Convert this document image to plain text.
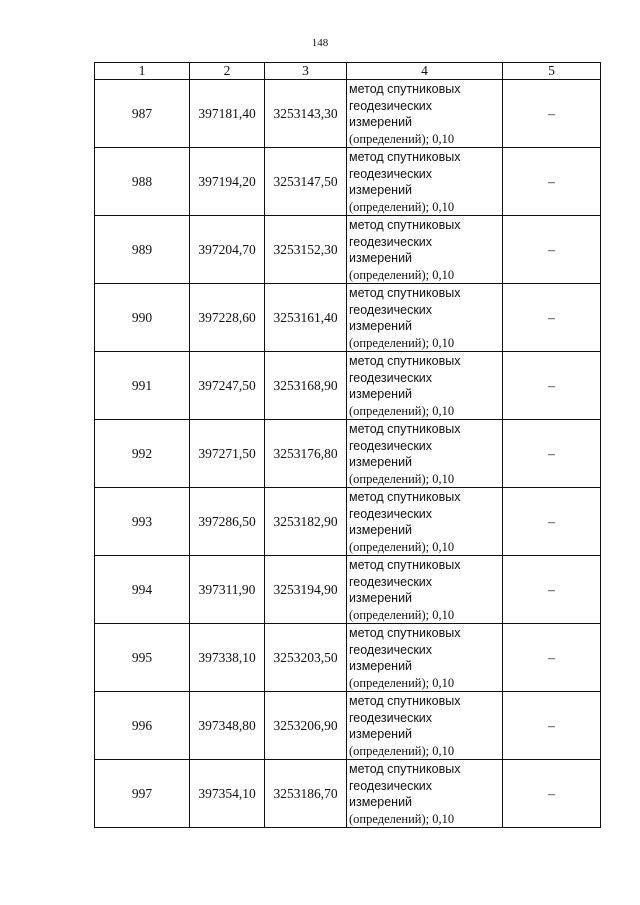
148
1	2	3	4	5
987	397181,40	3253143,30	метод спутниковых
геодезических
измерений
(определений); 0,10	–
988	397194,20	3253147,50	метод спутниковых
геодезических
измерений
(определений); 0,10	–
989	397204,70	3253152,30	метод спутниковых
геодезических
измерений
(определений); 0,10	–
990	397228,60	3253161,40	метод спутниковых
геодезических
измерений
(определений); 0,10	–
991	397247,50	3253168,90	метод спутниковых
геодезических
измерений
(определений); 0,10	–
992	397271,50	3253176,80	метод спутниковых
геодезических
измерений
(определений); 0,10	–
993	397286,50	3253182,90	метод спутниковых
геодезических
измерений
(определений); 0,10	–
994	397311,90	3253194,90	метод спутниковых
геодезических
измерений
(определений); 0,10	–
995	397338,10	3253203,50	метод спутниковых
геодезических
измерений
(определений); 0,10	–
996	397348,80	3253206,90	метод спутниковых
геодезических
измерений
(определений); 0,10	–
997	397354,10	3253186,70	метод спутниковых
геодезических
измерений
(определений); 0,10	–
